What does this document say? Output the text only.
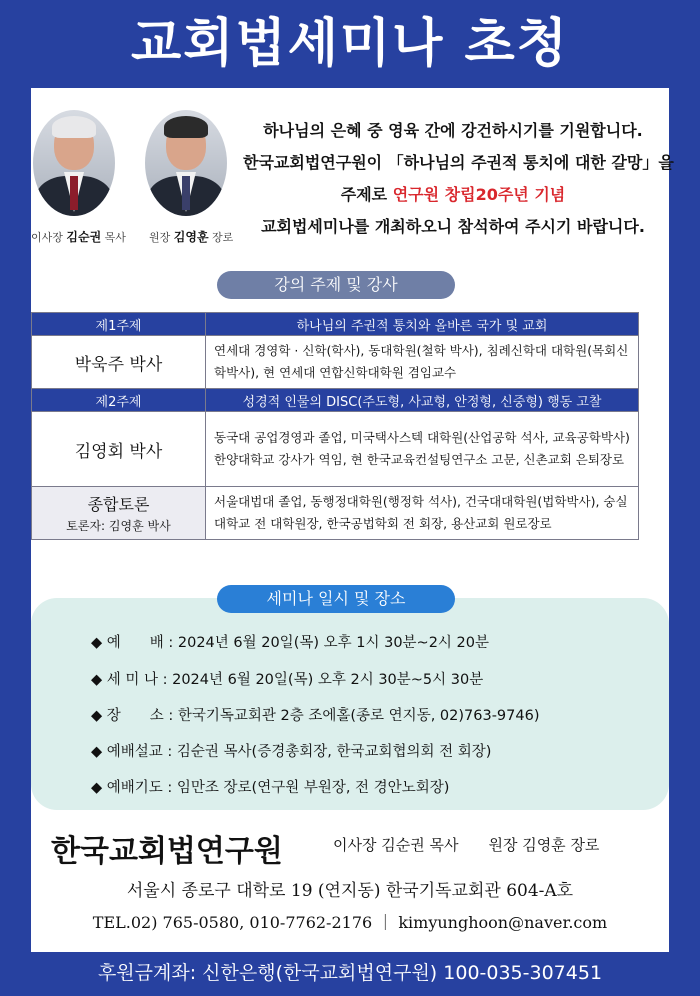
교회법세미나 초청
이사장 김순권 목사 원장 김영훈 장로
하나님의 은혜 중 영육 간에 강건하시기를 기원합니다.
한국교회법연구원이 「하나님의 주권적 통치에 대한 갈망」을
주제로 연구원 창립20주년 기념
교회법세미나를 개최하오니 참석하여 주시기 바랍니다.
강의 주제 및 강사
제1주제	하나님의 주권적 통치와 올바른 국가 및 교회
박욱주 박사	연세대 경영학 · 신학(학사), 동대학원(철학 박사), 침례신학대 대학원(목회신학박사), 현 연세대 연합신학대학원 겸임교수
제2주제	성경적 인물의 DISC(주도형, 사교형, 안정형, 신중형) 행동 고찰
김영회 박사	동국대 공업경영과 졸업, 미국택사스텍 대학원(산업공학 석사, 교육공학박사) 한양대학교 강사가 역임, 현 한국교육컨설팅연구소 고문, 신촌교회 은퇴장로

종합토론
토론자: 김영훈 박사	서울대법대 졸업, 동행정대학원(행정학 석사), 건국대대학원(법학박사), 숭실대학교 전 대학원장, 한국공법학회 전 회장, 용산교회 원로장로
세미나 일시 및 장소
◆ 예　　배 : 2024년 6월 20일(목) 오후 1시 30분~2시 20분
◆ 세 미 나 : 2024년 6월 20일(목) 오후 2시 30분~5시 30분
◆ 장　　소 : 한국기독교회관 2층 조에홀(종로 연지동, 02)763-9746)
◆ 예배설교 : 김순권 목사(증경총회장, 한국교회협의회 전 회장)
◆ 예배기도 : 임만조 장로(연구원 부원장, 전 경안노회장)
한국교회법연구원	이사장 김순권 목사　　원장 김영훈 장로
서울시 종로구 대학로 19 (연지동) 한국기독교회관 604-A호
TEL.02) 765-0580, 010-7762-2176 ｜ kimyunghoon@naver.com
후원금계좌: 신한은행(한국교회법연구원) 100-035-307451
